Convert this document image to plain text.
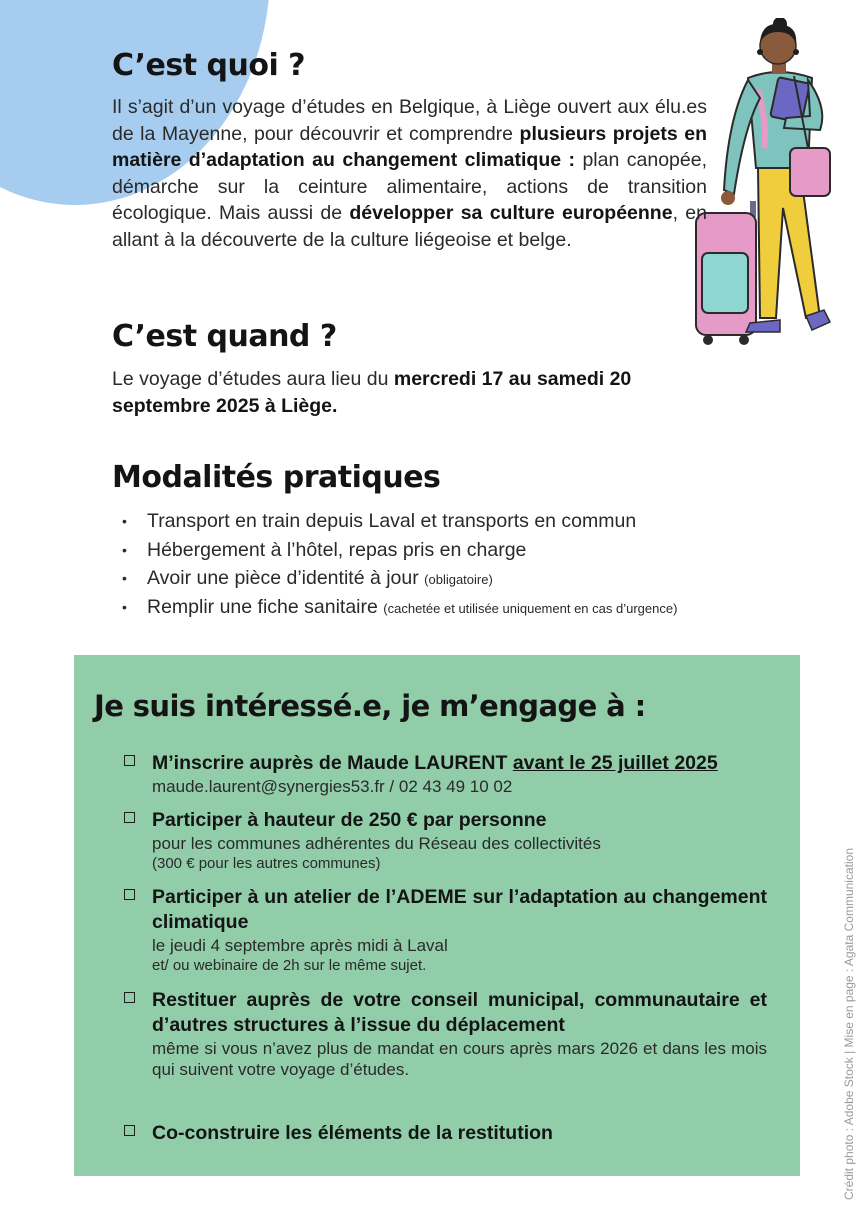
C’est quoi ?

Il s’agit d’un voyage d’études en Belgique, à Liège ouvert aux élu.es de la Mayenne, pour découvrir et comprendre plusieurs projets en matière d’adaptation au changement climatique : plan canopée, démarche sur la ceinture alimentaire, actions de transition écologique. Mais aussi de développer sa culture européenne, en allant à la découverte de la culture liégeoise et belge.

C’est quand ?

Le voyage d’études aura lieu du mercredi 17 au samedi 20 septembre 2025 à Liège.

Modalités pratiques
• Transport en train depuis Laval et transports en commun
• Hébergement à l’hôtel, repas pris en charge
• Avoir une pièce d’identité à jour (obligatoire)
• Remplir une fiche sanitaire (cachetée et utilisée uniquement en cas d’urgence)
Je suis intéressé.e, je m’engage à :

M’inscrire auprès de Maude LAURENT avant le 25 juillet 2025

maude.laurent@synergies53.fr / 02 43 49 10 02

Participer à hauteur de 250 € par personne

pour les communes adhérentes du Réseau des collectivités

(300 € pour les autres communes)

Participer à un atelier de l’ADEME sur l’adaptation au changement climatique

le jeudi 4 septembre après midi à Laval

et/ ou webinaire de 2h sur le même sujet.

Restituer auprès de votre conseil municipal, communautaire et d’autres structures à l’issue du déplacement

même si vous n’avez plus de mandat en cours après mars 2026 et dans les mois qui suivent votre voyage d’études.

Co-construire les éléments de la restitution	Crédit photo : Adobe Stock | Mise en page : Agata Communication
